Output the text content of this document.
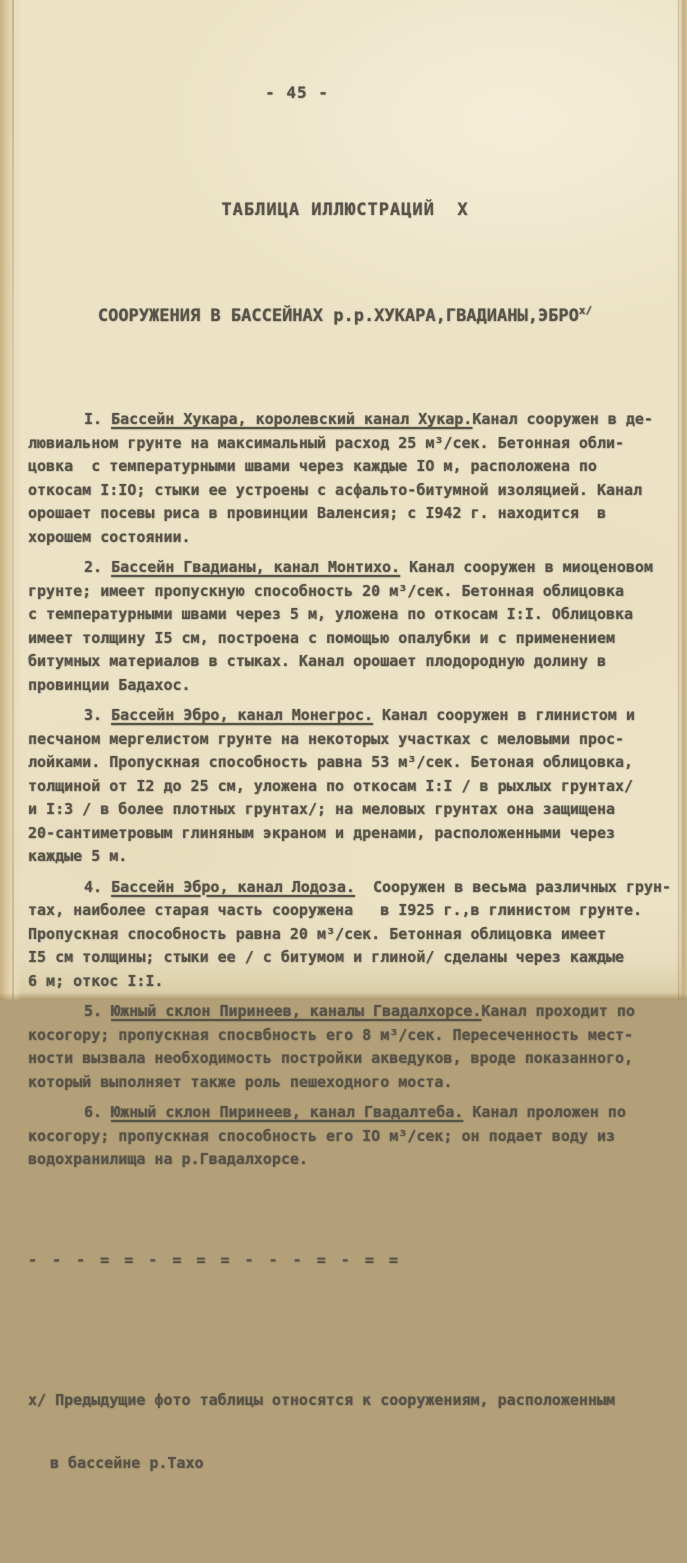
- 45 -

ТАБЛИЦА ИЛЛЮСТРАЦИЙ  X

СООРУЖЕНИЯ В БАССЕЙНАХ $р.р.ХУКАРА,ГВАДИАНЫ,ЭБРО^{х/}$

I. Бассейн Хукара, королевский канал Хукар.Канал сооружен в де-
лювиальном грунте на максимальный расход 25 м³/сек. Бетонная обли-
цовка  с температурными швами через каждые IO м, расположена по
откосам I:IO; стыки ее устроены с асфальто-битумной изоляцией. Канал
орошает посевы риса в провинции Валенсия; с I942 г. находится  в
хорошем состоянии.
2. Бассейн Гвадианы, канал Монтихо. Канал сооружен в миоценовом
грунте; имеет пропускную способность 20 м³/сек. Бетонная облицовка
с температурными швами через 5 м, уложена по откосам I:I. Облицовка
имеет толщину I5 см, построена с помощью опалубки и с применением
битумных материалов в стыках. Канал орошает плодородную долину в
провинции Бадахос.
3. Бассейн Эбро, канал Монегрос. Канал сооружен в глинистом и
песчаном мергелистом грунте на некоторых участках с меловыми прос-
лойками. Пропускная способность равна 53 м³/сек. Бетоная облицовка,
толщиной от I2 до 25 см, уложена по откосам I:I / в рыхлых грунтах/
и I:3 / в более плотных грунтах/; на меловых грунтах она защищена
20-сантиметровым глиняным экраном и дренами, расположенными через
каждые 5 м.
4. Бассейн Эбро, канал Лодоза.  Сооружен в весьма различных грун-
тах, наиболее старая часть сооружена   в I925 г.,в глинистом грунте.
Пропускная способность равна 20 м³/сек. Бетонная облицовка имеет
I5 см толщины; стыки ее / с битумом и глиной/ сделаны через каждые
6 м; откос I:I.
5. Южный склон Пиринеев, каналы Гвадалхорсе.Канал проходит по
косогору; пропускная спосвбность его 8 м³/сек. Пересеченность мест-
ности вызвала необходимость постройки акведуков, вроде показанного,
который выполняет также роль пешеходного моста.
6. Южный склон Пиринеев, канал Гвадалтеба. Канал проложен по
косогору; пропускная способность его IO м³/сек; он подает воду из
водохранилища на р.Гвадалхорсе.

- - - = = - = = = - - - = - = =

х/ Предыдущие фото таблицы относятся к сооружениям, расположенным

в бассейне р.Тахо
